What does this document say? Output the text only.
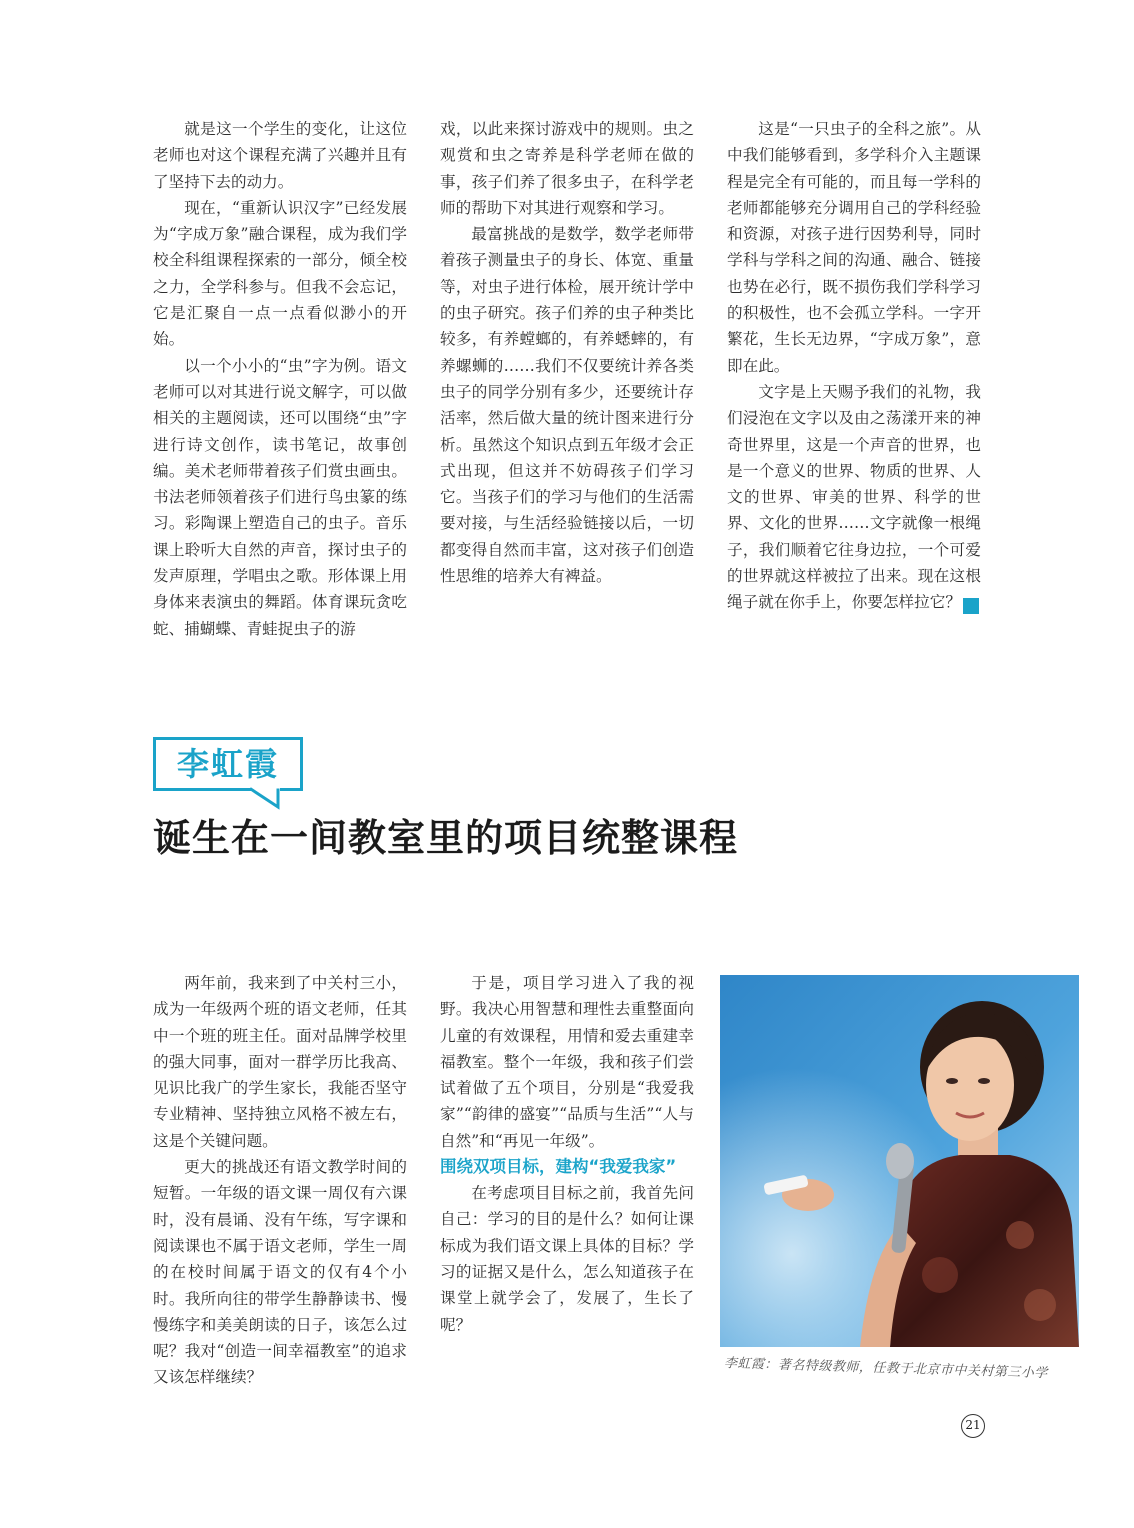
就是这一个学生的变化，让这位老师也对这个课程充满了兴趣并且有了坚持下去的动力。

现在，“重新认识汉字”已经发展为“字成万象”融合课程，成为我们学校全科组课程探索的一部分，倾全校之力，全学科参与。但我不会忘记，它是汇聚自一点一点看似渺小的开始。

以一个小小的“虫”字为例。语文老师可以对其进行说文解字，可以做相关的主题阅读，还可以围绕“虫”字进行诗文创作，读书笔记，故事创编。美术老师带着孩子们赏虫画虫。书法老师领着孩子们进行鸟虫篆的练习。彩陶课上塑造自己的虫子。音乐课上聆听大自然的声音，探讨虫子的发声原理，学唱虫之歌。形体课上用身体来表演虫的舞蹈。体育课玩贪吃蛇、捕蝴蝶、青蛙捉虫子的游

戏，以此来探讨游戏中的规则。虫之观赏和虫之寄养是科学老师在做的事，孩子们养了很多虫子，在科学老师的帮助下对其进行观察和学习。

最富挑战的是数学，数学老师带着孩子测量虫子的身长、体宽、重量等，对虫子进行体检，展开统计学中的虫子研究。孩子们养的虫子种类比较多，有养螳螂的，有养蟋蟀的，有养螺蛳的……我们不仅要统计养各类虫子的同学分别有多少，还要统计存活率，然后做大量的统计图来进行分析。虽然这个知识点到五年级才会正式出现，但这并不妨碍孩子们学习它。当孩子们的学习与他们的生活需要对接，与生活经验链接以后，一切都变得自然而丰富，这对孩子们创造性思维的培养大有裨益。

这是“一只虫子的全科之旅”。从中我们能够看到，多学科介入主题课程是完全有可能的，而且每一学科的老师都能够充分调用自己的学科经验和资源，对孩子进行因势利导，同时学科与学科之间的沟通、融合、链接也势在必行，既不损伤我们学科学习的积极性，也不会孤立学科。一字开繁花，生长无边界，“字成万象”，意即在此。

文字是上天赐予我们的礼物，我们浸泡在文字以及由之荡漾开来的神奇世界里，这是一个声音的世界，也是一个意义的世界、物质的世界、人文的世界、审美的世界、科学的世界、文化的世界……文字就像一根绳子，我们顺着它往身边拉，一个可爱的世界就这样被拉了出来。现在这根绳子就在你手上，你要怎样拉它？	家

李虹霞
诞生在一间教室里的项目统整课程

两年前，我来到了中关村三小，成为一年级两个班的语文老师，任其中一个班的班主任。面对品牌学校里的强大同事，面对一群学历比我高、见识比我广的学生家长，我能否坚守专业精神、坚持独立风格不被左右，这是个关键问题。

更大的挑战还有语文教学时间的短暂。一年级的语文课一周仅有六课时，没有晨诵、没有午练，写字课和阅读课也不属于语文老师，学生一周的在校时间属于语文的仅有4个小时。我所向往的带学生静静读书、慢慢练字和美美朗读的日子，该怎么过呢？我对“创造一间幸福教室”的追求又该怎样继续？

于是，项目学习进入了我的视野。我决心用智慧和理性去重整面向儿童的有效课程，用情和爱去重建幸福教室。整个一年级，我和孩子们尝试着做了五个项目，分别是“我爱我家”“韵律的盛宴”“品质与生活”“人与自然”和“再见一年级”。

围绕双项目标，建构“我爱我家”

在考虑项目目标之前，我首先问自己：学习的目的是什么？如何让课标成为我们语文课上具体的目标？学习的证据又是什么，怎么知道孩子在课堂上就学会了，发展了，生长了呢？

李虹霞：著名特级教师，任教于北京市中关村第三小学
21
